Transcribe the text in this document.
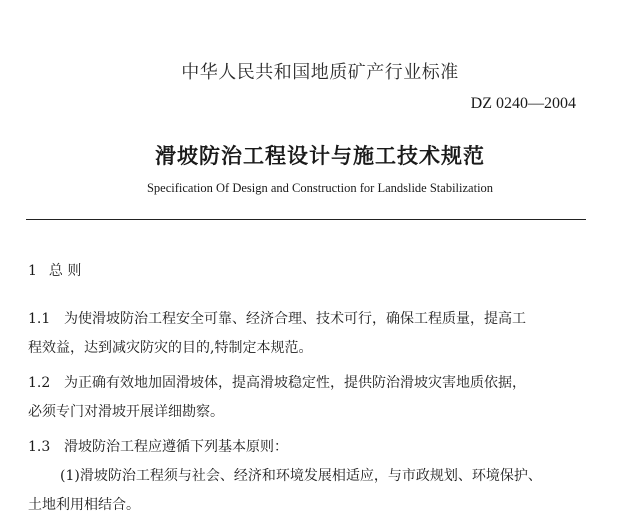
中华人民共和国地质矿产行业标准
DZ 0240—2004
滑坡防治工程设计与施工技术规范
Specification Of Design and Construction for Landslide Stabilization
1 总 则
1.1 为使滑坡防治工程安全可靠、经济合理、技术可行，确保工程质量，提高工
程效益，达到减灾防灾的目的,特制定本规范。
1.2 为正确有效地加固滑坡体，提高滑坡稳定性，提供防治滑坡灾害地质依据，
必须专门对滑坡开展详细勘察。
1.3 滑坡防治工程应遵循下列基本原则：
(1)滑坡防治工程须与社会、经济和环境发展相适应，与市政规划、环境保护、
土地利用相结合。
